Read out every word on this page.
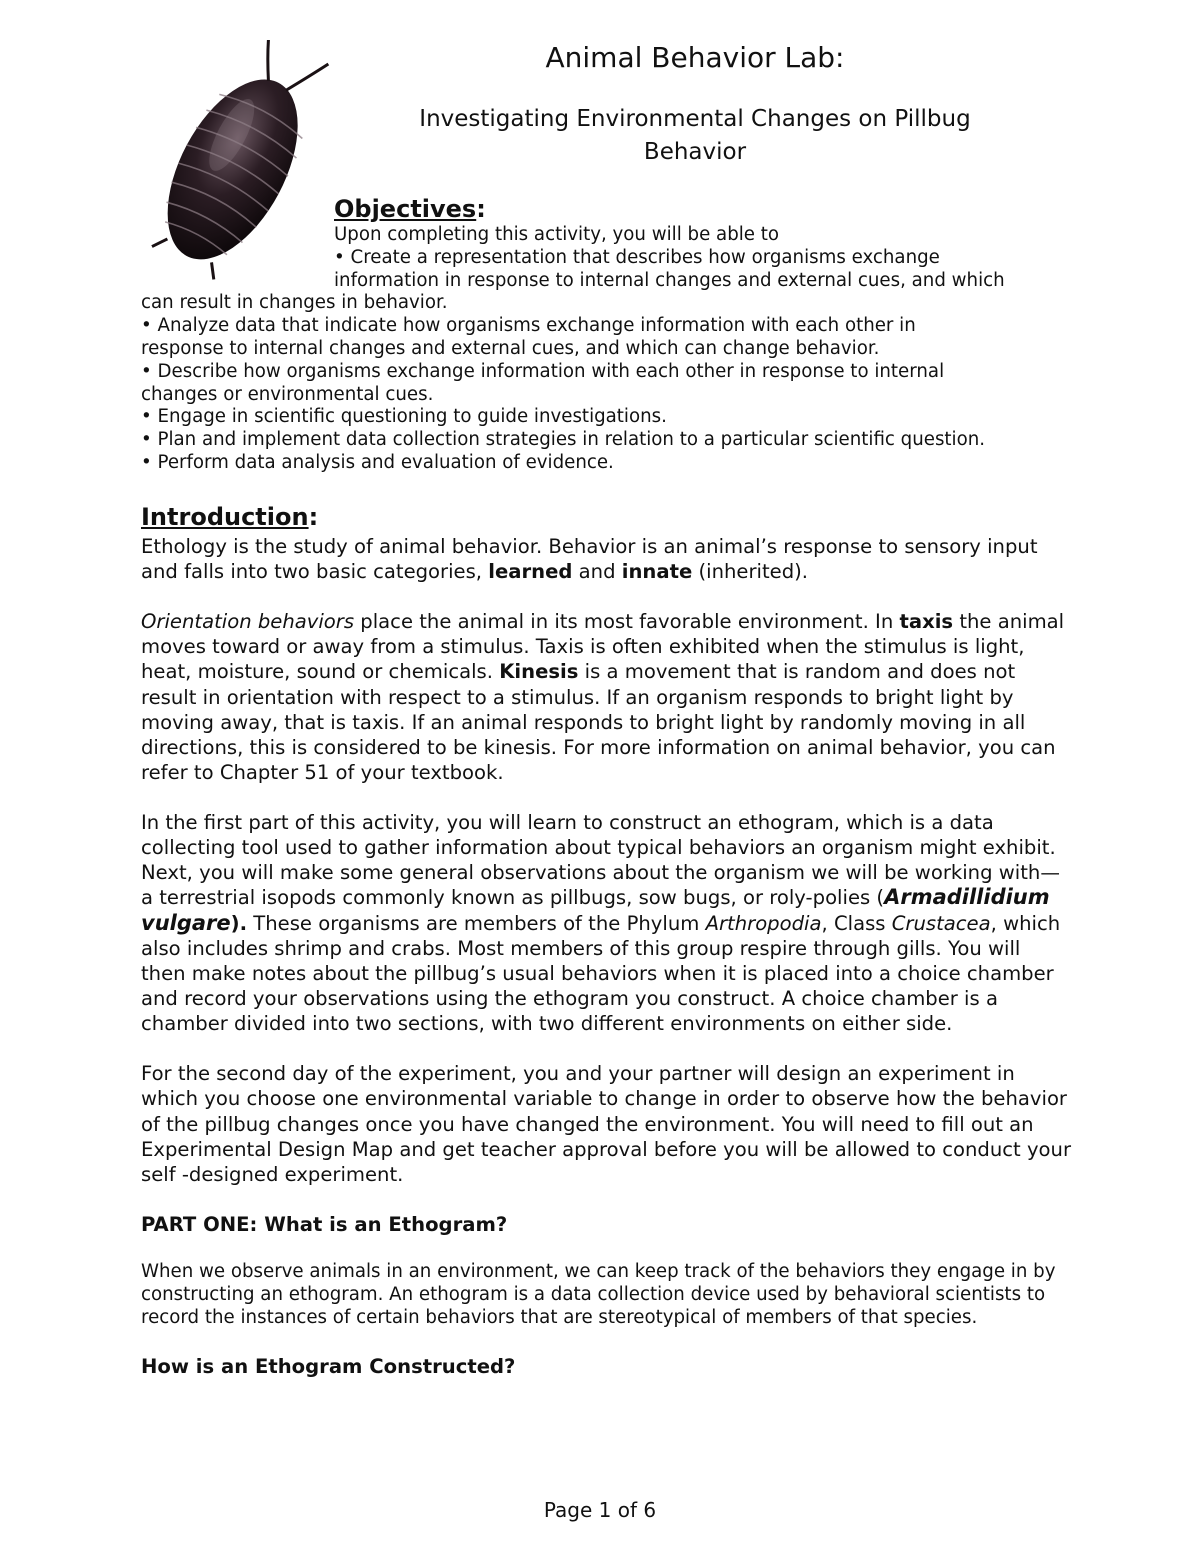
Animal Behavior Lab:
Investigating Environmental Changes on Pillbug
Behavior
Objectives:
Upon completing this activity, you will be able to
• Create a representation that describes how organisms exchange
information in response to internal changes and external cues, and which
can result in changes in behavior.
• Analyze data that indicate how organisms exchange information with each other in
response to internal changes and external cues, and which can change behavior.
• Describe how organisms exchange information with each other in response to internal
changes or environmental cues.
• Engage in scientific questioning to guide investigations.
• Plan and implement data collection strategies in relation to a particular scientific question.
• Perform data analysis and evaluation of evidence.
Introduction:

Ethology is the study of animal behavior. Behavior is an animal’s response to sensory input and falls into two basic categories, learned and innate (inherited).

Orientation behaviors place the animal in its most favorable environment. In taxis the animal moves toward or away from a stimulus. Taxis is often exhibited when the stimulus is light, heat, moisture, sound or chemicals. Kinesis is a movement that is random and does not result in orientation with respect to a stimulus. If an organism responds to bright light by moving away, that is taxis. If an animal responds to bright light by randomly moving in all directions, this is considered to be kinesis. For more information on animal behavior, you can refer to Chapter 51 of your textbook.

In the first part of this activity, you will learn to construct an ethogram, which is a data collecting tool used to gather information about typical behaviors an organism might exhibit. Next, you will make some general observations about the organism we will be working with—a terrestrial isopods commonly known as pillbugs, sow bugs, or roly-polies (Armadillidium vulgare). These organisms are members of the Phylum Arthropodia, Class Crustacea, which also includes shrimp and crabs. Most members of this group respire through gills. You will then make notes about the pillbug’s usual behaviors when it is placed into a choice chamber and record your observations using the ethogram you construct. A choice chamber is a chamber divided into two sections, with two different environments on either side.

For the second day of the experiment, you and your partner will design an experiment in which you choose one environmental variable to change in order to observe how the behavior of the pillbug changes once you have changed the environment. You will need to fill out an Experimental Design Map and get teacher approval before you will be allowed to conduct your self -designed experiment.

PART ONE: What is an Ethogram?

When we observe animals in an environment, we can keep track of the behaviors they engage in by constructing an ethogram. An ethogram is a data collection device used by behavioral scientists to record the instances of certain behaviors that are stereotypical of members of that species.

How is an Ethogram Constructed?

Page 1 of 6
